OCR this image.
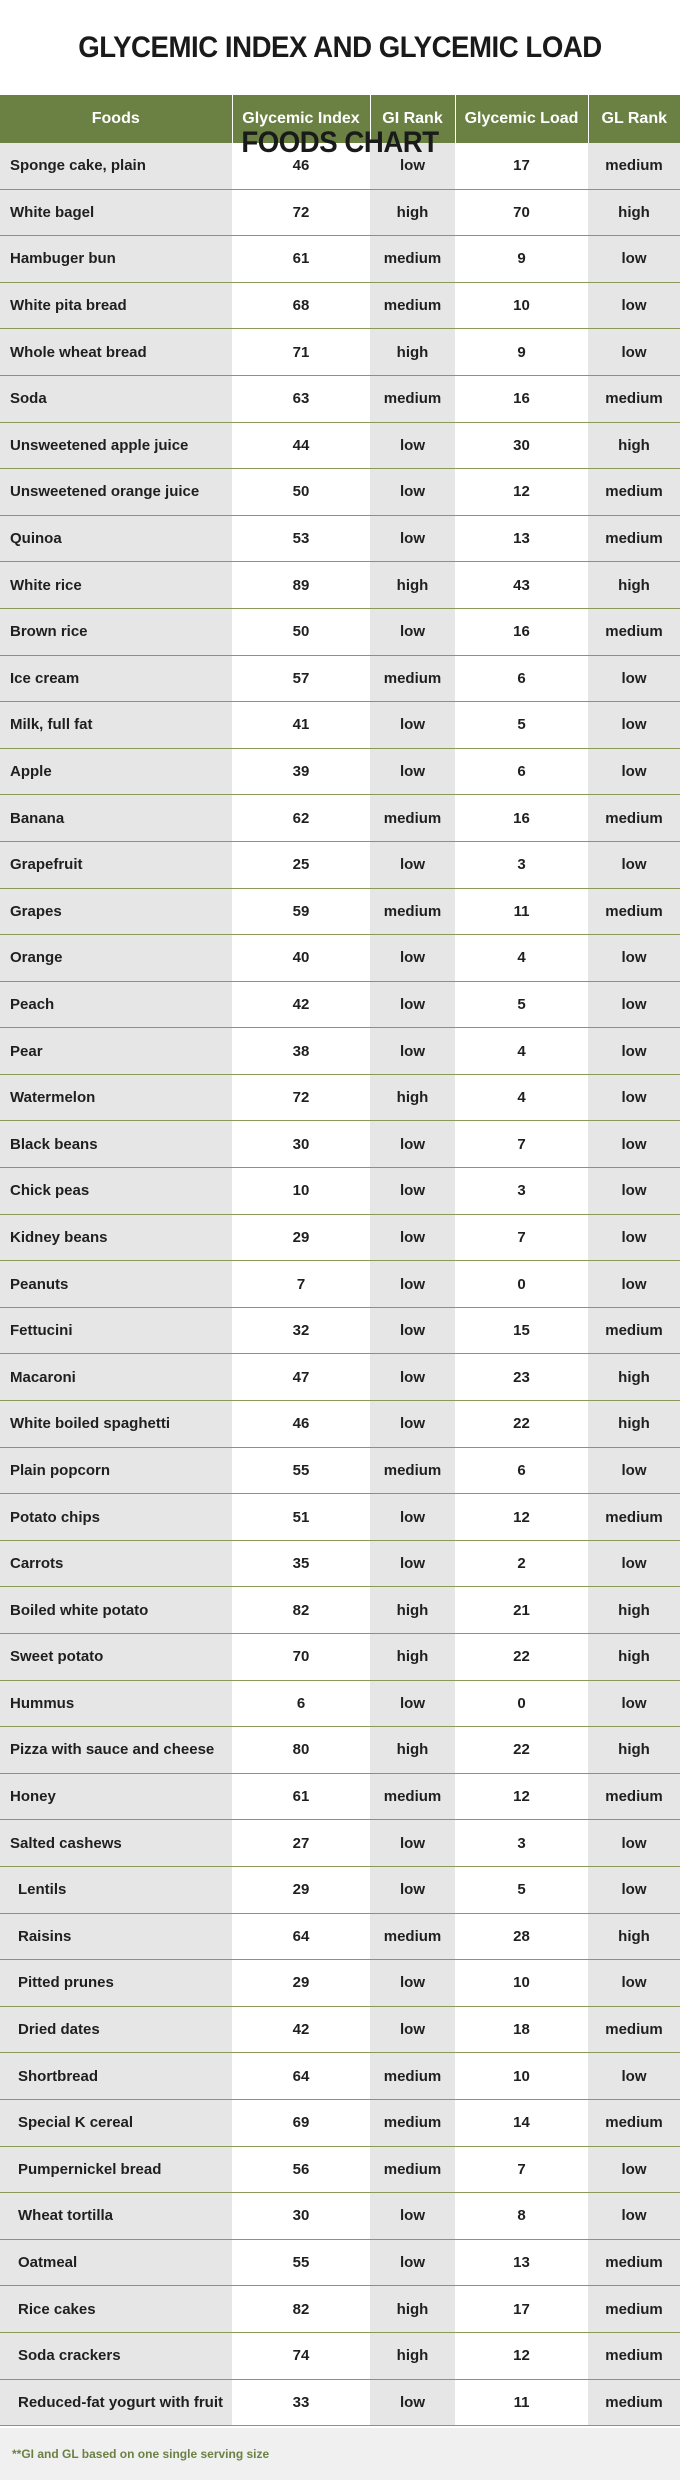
GLYCEMIC INDEX AND GLYCEMIC LOAD FOODS CHART
Foods	Glycemic Index	GI Rank	Glycemic Load	GL Rank
Sponge cake, plain	46	low	17	medium
White bagel	72	high	70	high
Hambuger bun	61	medium	9	low
White pita bread	68	medium	10	low
Whole wheat bread	71	high	9	low
Soda	63	medium	16	medium
Unsweetened apple juice	44	low	30	high
Unsweetened orange juice	50	low	12	medium
Quinoa	53	low	13	medium
White rice	89	high	43	high
Brown rice	50	low	16	medium
Ice cream	57	medium	6	low
Milk, full fat	41	low	5	low
Apple	39	low	6	low
Banana	62	medium	16	medium
Grapefruit	25	low	3	low
Grapes	59	medium	11	medium
Orange	40	low	4	low
Peach	42	low	5	low
Pear	38	low	4	low
Watermelon	72	high	4	low
Black beans	30	low	7	low
Chick peas	10	low	3	low
Kidney beans	29	low	7	low
Peanuts	7	low	0	low
Fettucini	32	low	15	medium
Macaroni	47	low	23	high
White boiled spaghetti	46	low	22	high
Plain popcorn	55	medium	6	low
Potato chips	51	low	12	medium
Carrots	35	low	2	low
Boiled white potato	82	high	21	high
Sweet potato	70	high	22	high
Hummus	6	low	0	low
Pizza with sauce and cheese	80	high	22	high
Honey	61	medium	12	medium
Salted cashews	27	low	3	low
Lentils	29	low	5	low
Raisins	64	medium	28	high
Pitted prunes	29	low	10	low
Dried dates	42	low	18	medium
Shortbread	64	medium	10	low
Special K cereal	69	medium	14	medium
Pumpernickel bread	56	medium	7	low
Wheat tortilla	30	low	8	low
Oatmeal	55	low	13	medium
Rice cakes	82	high	17	medium
Soda crackers	74	high	12	medium
Reduced-fat yogurt with fruit	33	low	11	medium
**GI and GL based on one single serving size
